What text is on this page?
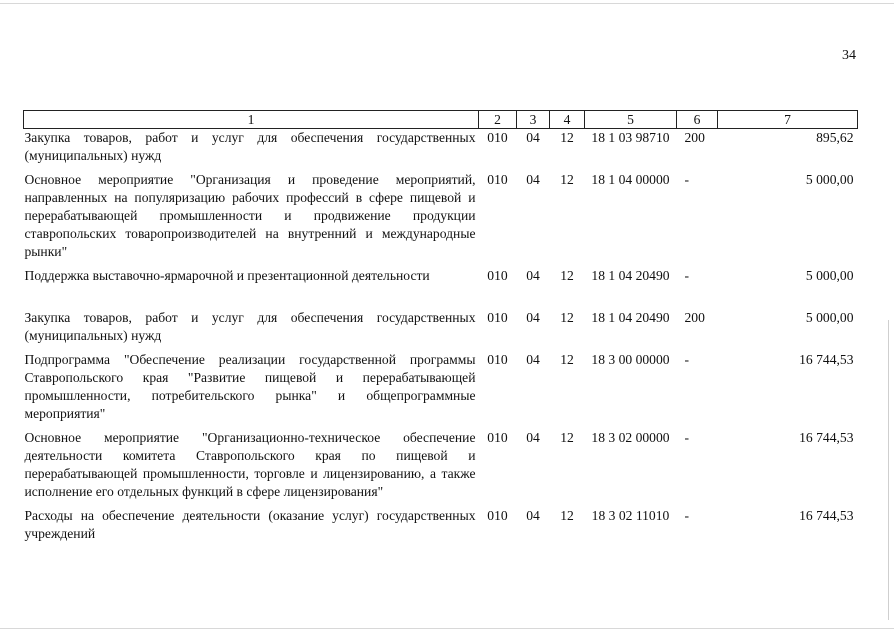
34
1	2	3	4	5	6	7
Закупка товаров, работ и услуг для обеспечения государственных (муниципальных) нужд	010	04	12	18 1 03 98710	200	895,62
Основное мероприятие "Организация и проведение мероприятий, направленных на популяризацию рабочих профессий в сфере пищевой и перерабатывающей промышленности и продвижение продукции ставропольских товаропроизводителей на внутренний и международные рынки"	010	04	12	18 1 04 00000	-	5 000,00
Поддержка выставочно-ярмарочной и презентационной деятельности	010	04	12	18 1 04 20490	-	5 000,00
Закупка товаров, работ и услуг для обеспечения государственных (муниципальных) нужд	010	04	12	18 1 04 20490	200	5 000,00
Подпрограмма "Обеспечение реализации государственной программы Ставропольского края "Развитие пищевой и перерабатывающей промышленности, потребительского рынка" и общепрограммные мероприятия"	010	04	12	18 3 00 00000	-	16 744,53
Основное мероприятие "Организационно-техническое обеспечение деятельности комитета Ставропольского края по пищевой и перерабатывающей промышленности, торговле и лицензированию, а также исполнение его отдельных функций в сфере лицензирования"	010	04	12	18 3 02 00000	-	16 744,53
Расходы на обеспечение деятельности (оказание услуг) государственных учреждений	010	04	12	18 3 02 11010	-	16 744,53
